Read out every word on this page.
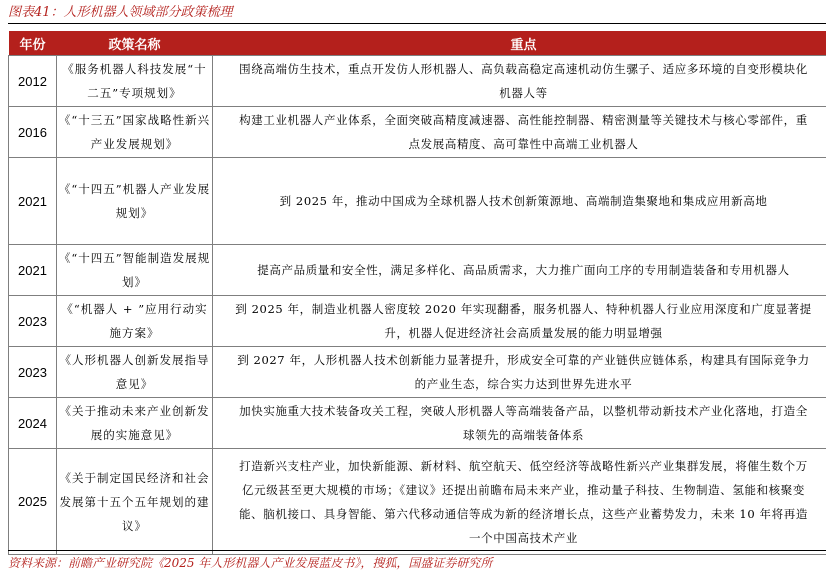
图表41：人形机器人领域部分政策梳理
年份	政策名称	重点
2012	《服务机器人科技发展“十二五”专项规划》	围绕高端仿生技术，重点开发仿人形机器人、高负载高稳定高速机动仿生骡子、适应多环境的自变形模块化
机器人等

2016	《“十三五”国家战略性新兴产业发展规划》	构建工业机器人产业体系，全面突破高精度减速器、高性能控制器、精密测量等关键技术与核心零部件，重
点发展高精度、高可靠性中高端工业机器人

2021	《“十四五”机器人产业发展规划》	到 2025 年，推动中国成为全球机器人技术创新策源地、高端制造集聚地和集成应用新高地

2021	《“十四五”智能制造发展规划》	提高产品质量和安全性，满足多样化、高品质需求，大力推广面向工序的专用制造装备和专用机器人

2023	《“机器人 + ”应用行动实施方案》	到 2025 年，制造业机器人密度较 2020 年实现翻番，服务机器人、特种机器人行业应用深度和广度显著提
升，机器人促进经济社会高质量发展的能力明显增强

2023	《人形机器人创新发展指导意见》	到 2027 年，人形机器人技术创新能力显著提升，形成安全可靠的产业链供应链体系，构建具有国际竞争力
的产业生态，综合实力达到世界先进水平

2024	《关于推动未来产业创新发展的实施意见》	加快实施重大技术装备攻关工程，突破人形机器人等高端装备产品，以整机带动新技术产业化落地，打造全
球领先的高端装备体系

2025	《关于制定国民经济和社会发展第十五个五年规划的建议》	打造新兴支柱产业，加快新能源、新材料、航空航天、低空经济等战略性新兴产业集群发展，将催生数个万
亿元级甚至更大规模的市场；《建议》还提出前瞻布局未来产业，推动量子科技、生物制造、氢能和核聚变
能、脑机接口、具身智能、第六代移动通信等成为新的经济增长点，这些产业蓄势发力，未来 10 年将再造
一个中国高技术产业
资料来源：前瞻产业研究院《2025 年人形机器人产业发展蓝皮书》，搜狐，国盛证券研究所
